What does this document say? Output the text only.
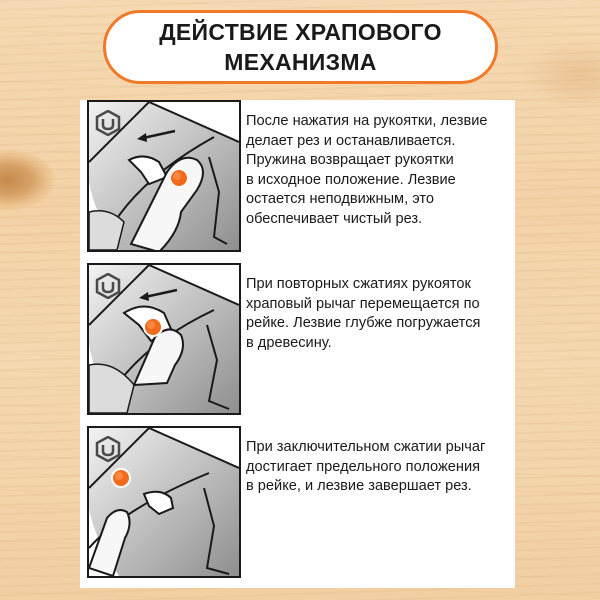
ДЕЙСТВИЕ ХРАПОВОГО
МЕХАНИЗМА
После нажатия на рукоятки, лезвие
делает рез и останавливается.
Пружина возвращает рукоятки
в исходное положение. Лезвие
остается неподвижным, это
обеспечивает чистый рез.
При повторных сжатиях рукояток
храповый рычаг перемещается по
рейке. Лезвие глубже погружается
в древесину.
При заключительном сжатии рычаг
достигает предельного положения
в рейке, и лезвие завершает рез.
